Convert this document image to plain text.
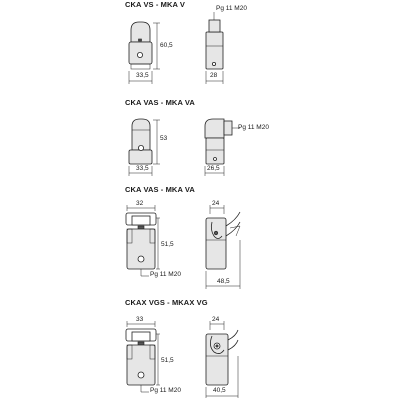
CKA VS - MKA V
CKA VAS - MKA VA
CKA VAS - MKA VA
CKAX VGS - MKAX VG
60,5
33,5	28
Pg 11 M20
53
33,5	26,5
Pg 11 M20
32	24
51,5
Pg 11 M20
48,5
33	24
51,5
Pg 11 M20	40,5
